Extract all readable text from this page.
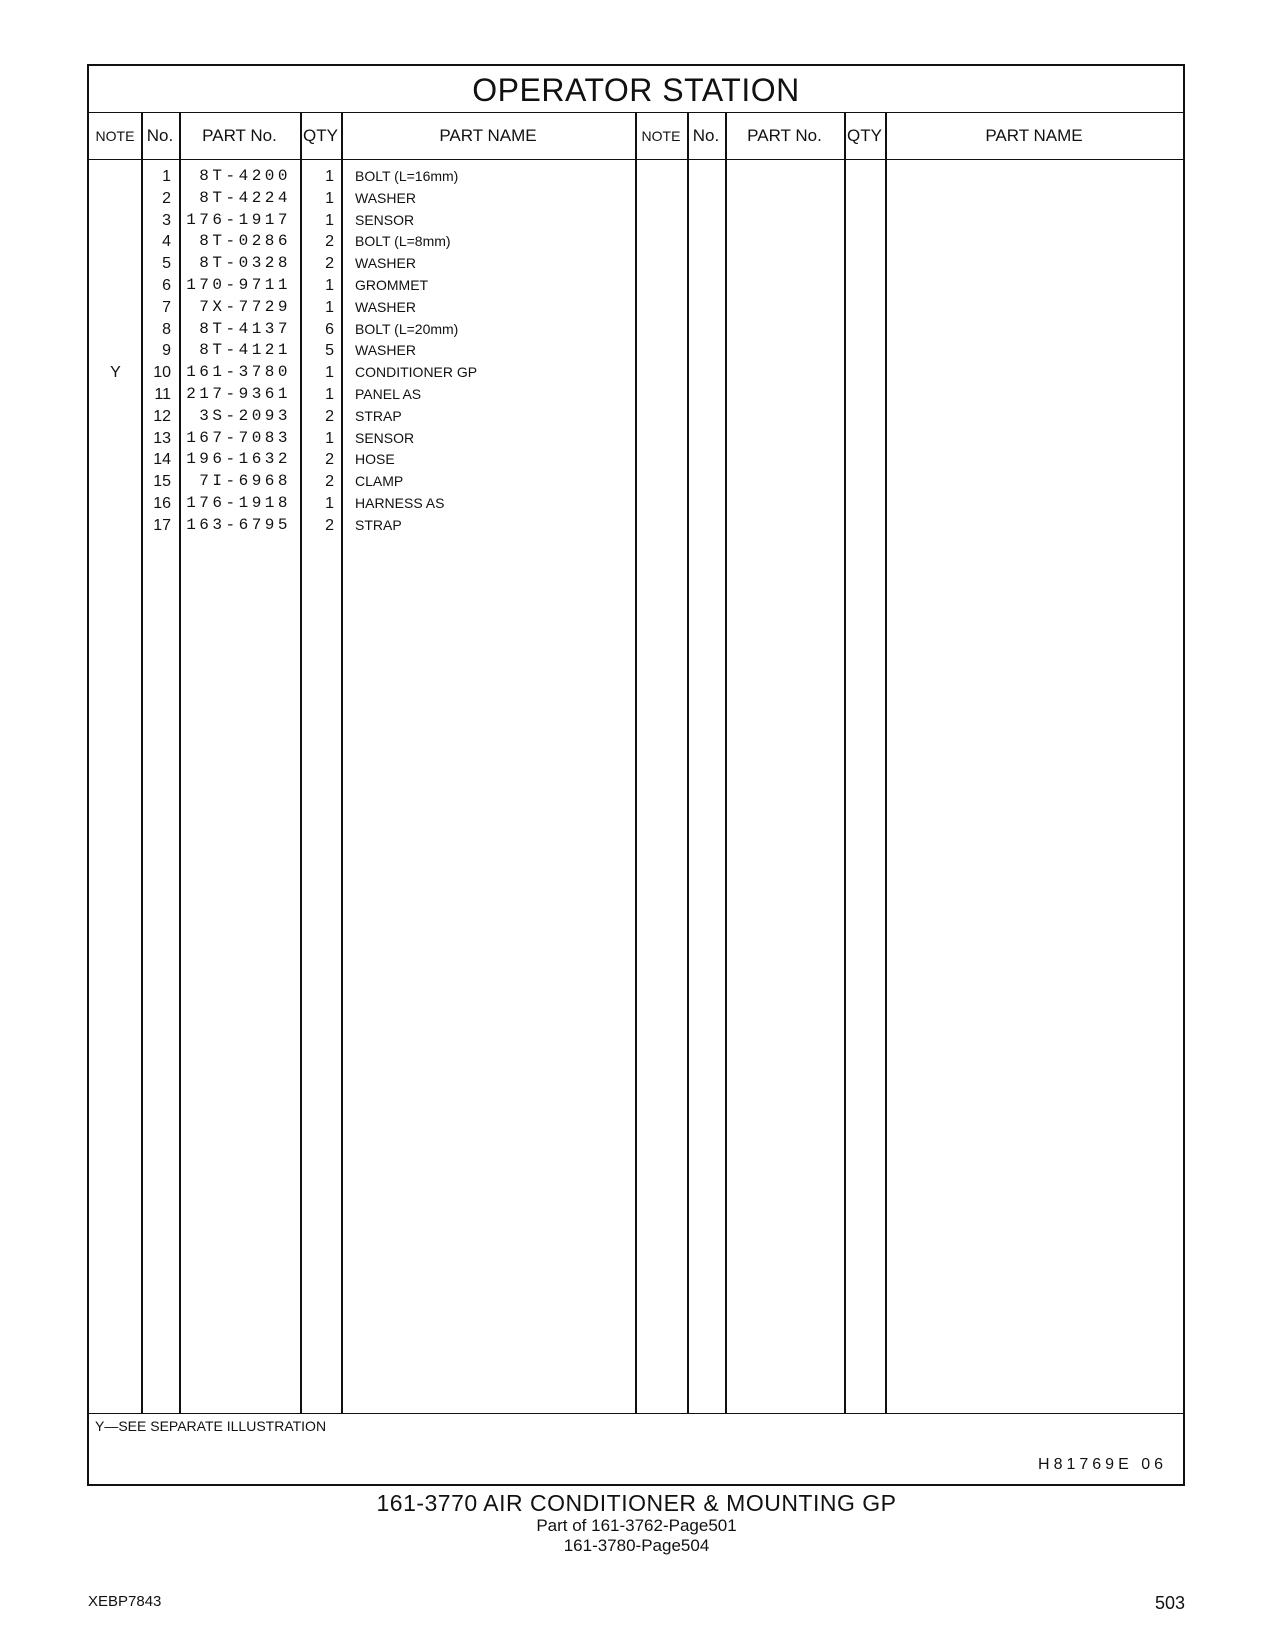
OPERATOR STATION
NOTE No.	PART No.	QTY	PART NAME	NOTE No.	PART No.	QTY	PART NAME
1	8T-4200	1	BOLT (L=16mm)
2	8T-4224	1	WASHER
3 176-1917	1	SENSOR
4	8T-0286	2	BOLT (L=8mm)
5	8T-0328	2	WASHER
6 170-9711	1	GROMMET
7	7X-7729	1	WASHER
8	8T-4137	6	BOLT (L=20mm)
9	8T-4121	5	WASHER
Y	10 161-3780	1	CONDITIONER GP
11 217-9361	1	PANEL AS
12	3S-2093	2	STRAP
13 167-7083	1	SENSOR
14 196-1632	2	HOSE
15	7I-6968	2	CLAMP
16 176-1918	1	HARNESS AS
17 163-6795	2	STRAP
Y—SEE SEPARATE ILLUSTRATION
H81769E 06
161-3770 AIR CONDITIONER & MOUNTING GP
Part of 161-3762-Page501
161-3780-Page504
XEBP7843	503
